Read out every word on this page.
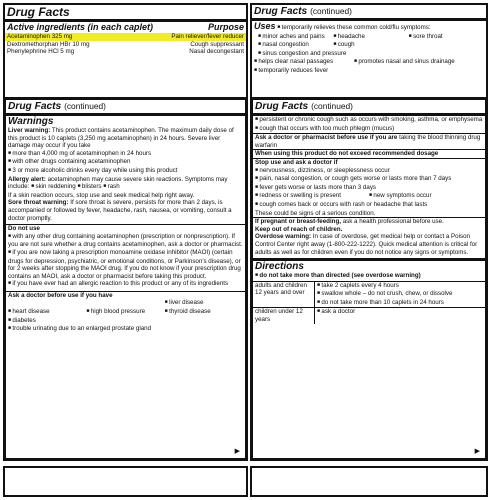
Drug Facts
Active ingredients (in each caplet)	Purpose
Acetaminophen 325 mg	Pain reliever/fever reducer
Dextromethorphan HBr 10 mg	Cough suppressant
Phenylephrine HCl 5 mg	Nasal decongestant
Drug Facts (continued)
Uses ■ temporarily relieves these common cold/flu symptoms:
■ minor aches and pains	■ headache	■ sore throat
■ nasal congestion	■ cough
■ sinus congestion and pressure
■ helps clear nasal passages	■ promotes nasal and sinus drainage
■ temporarily reduces fever
Drug Facts (continued)
Warnings
Liver warning: This product contains acetaminophen. The maximum daily dose of this product is 10 caplets (3,250 mg acetaminophen) in 24 hours. Severe liver damage may occur if you take
■ more than 4,000 mg of acetaminophen in 24 hours
■ with other drugs containing acetaminophen
■ 3 or more alcoholic drinks every day while using this product
Allergy alert: acetaminophen may cause severe skin reactions. Symptoms may include: ■ skin reddening ■ blisters ■ rash
If a skin reaction occurs, stop use and seek medical help right away.
Sore throat warning: If sore throat is severe, persists for more than 2 days, is accompanied or followed by fever, headache, rash, nausea, or vomiting, consult a doctor promptly.
Do not use
■ with any other drug containing acetaminophen (prescription or nonprescription). If you are not sure whether a drug contains acetaminophen, ask a doctor or pharmacist.
■ if you are now taking a prescription monoamine oxidase inhibitor (MAOI) (certain drugs for depression, psychiatric, or emotional conditions, or Parkinson's disease), or for 2 weeks after stopping the MAOI drug. If you do not know if your prescription drug contains an MAOI, ask a doctor or pharmacist before taking this product.
■ if you have ever had an allergic reaction to this product or any of its ingredients
Ask a doctor before use if you have
■ liver disease
■ heart disease	■ high blood pressure	■ thyroid disease
■ diabetes
■ trouble urinating due to an enlarged prostate gland
▶
Drug Facts (continued)
■ persistent or chronic cough such as occurs with smoking, asthma, or emphysema
■ cough that occurs with too much phlegm (mucus)
Ask a doctor or pharmacist before use if you are taking the blood thinning drug warfarin
When using this product do not exceed recommended dosage
Stop use and ask a doctor if
■ nervousness, dizziness, or sleeplessness occur
■ pain, nasal congestion, or cough gets worse or lasts more than 7 days
■ fever gets worse or lasts more than 3 days
■ redness or swelling is present	■ new symptoms occur
■ cough comes back or occurs with rash or headache that lasts
These could be signs of a serious condition.
If pregnant or breast-feeding, ask a health professional before use.
Keep out of reach of children.
Overdose warning: In case of overdose, get medical help or contact a Poison Control Center right away (1-800-222-1222). Quick medical attention is critical for adults as well as for children even if you do not notice any signs or symptoms.
Directions
■ do not take more than directed (see overdose warning)
adults and children 12 years and over
■ take 2 caplets every 4 hours
■ swallow whole – do not crush, chew, or dissolve
■ do not take more than 10 caplets in 24 hours
children under 12 years
■ ask a doctor
▶
